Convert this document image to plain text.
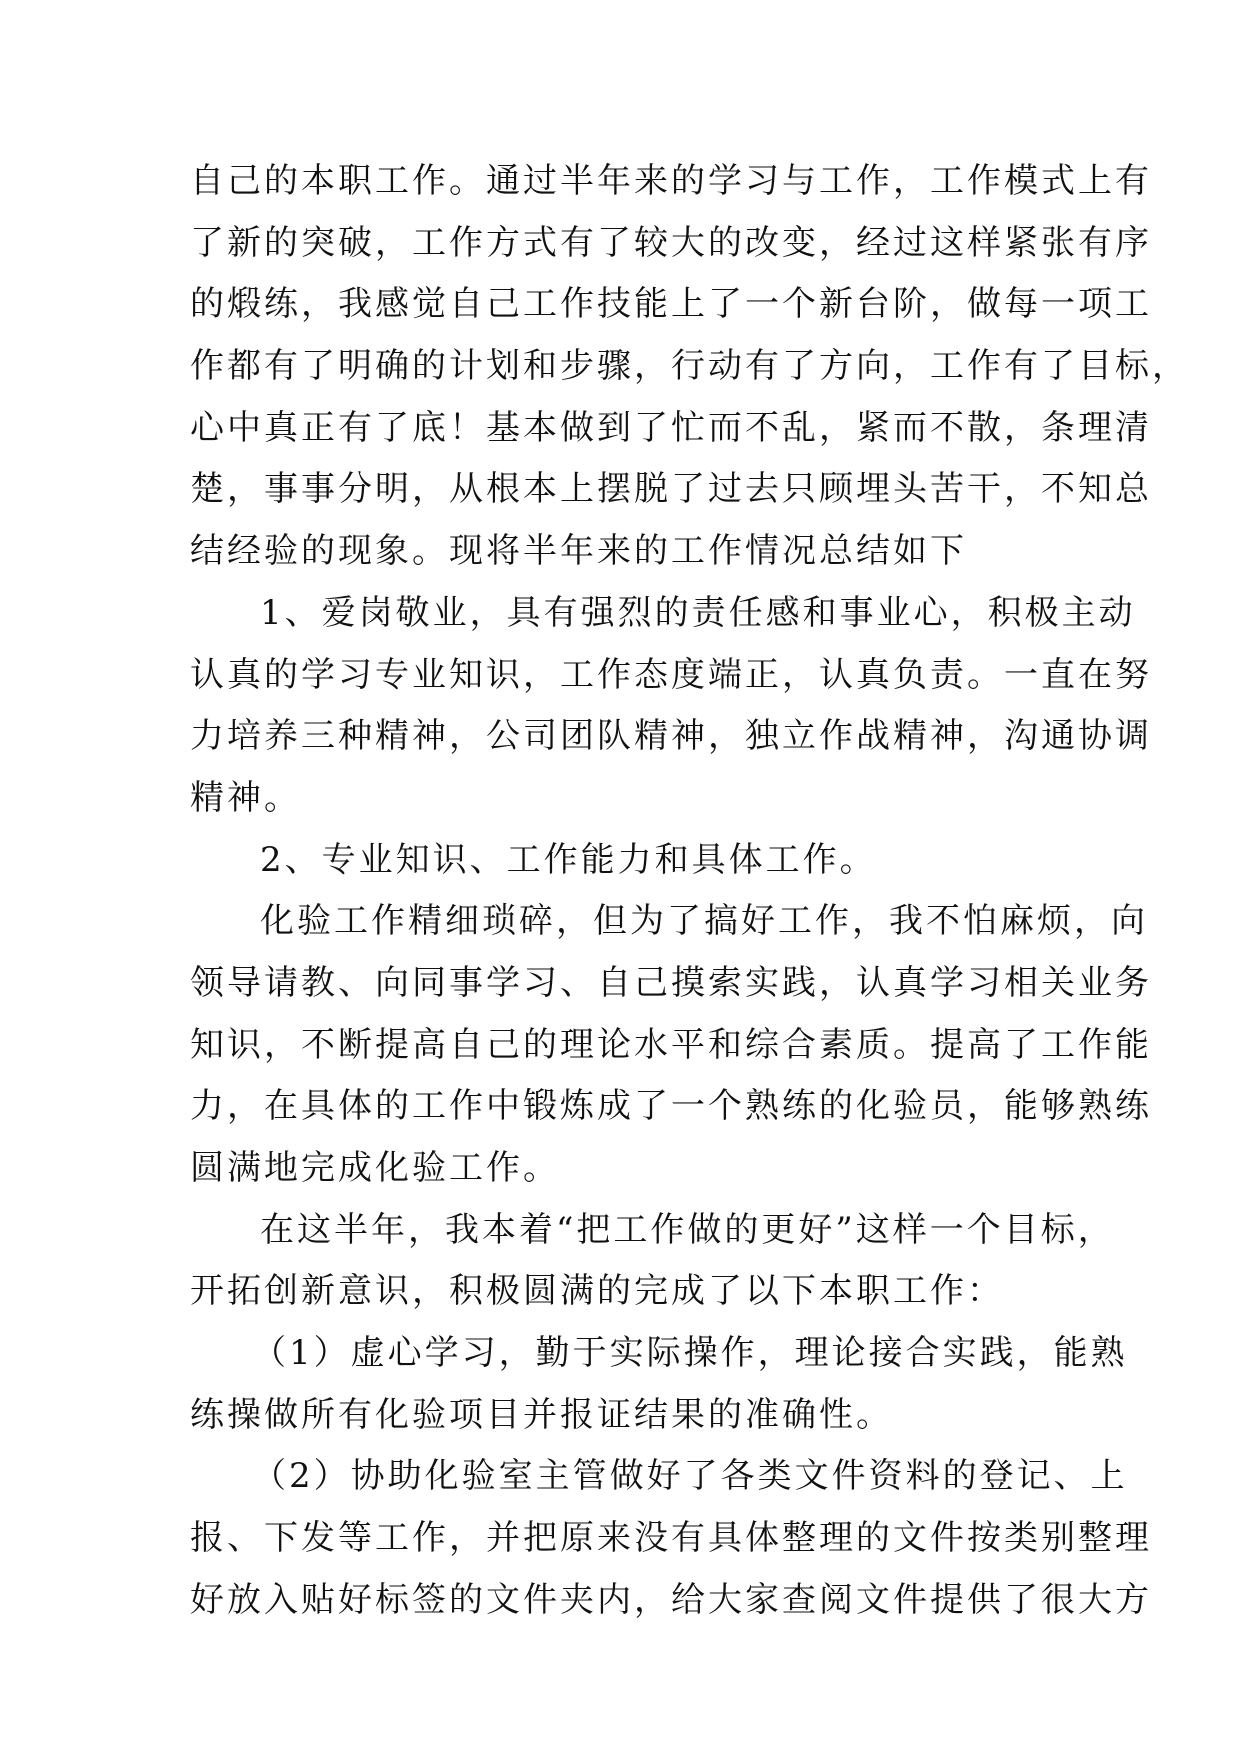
自己的本职工作。通过半年来的学习与工作，工作模式上有
了新的突破，工作方式有了较大的改变，经过这样紧张有序
的煅练，我感觉自己工作技能上了一个新台阶，做每一项工
作都有了明确的计划和步骤，行动有了方向，工作有了目标，
心中真正有了底！基本做到了忙而不乱，紧而不散，条理清
楚，事事分明，从根本上摆脱了过去只顾埋头苦干，不知总
结经验的现象。现将半年来的工作情况总结如下
1、爱岗敬业，具有强烈的责任感和事业心，积极主动
认真的学习专业知识，工作态度端正，认真负责。一直在努
力培养三种精神，公司团队精神，独立作战精神，沟通协调
精神。
2、专业知识、工作能力和具体工作。
化验工作精细琐碎，但为了搞好工作，我不怕麻烦，向
领导请教、向同事学习、自己摸索实践，认真学习相关业务
知识，不断提高自己的理论水平和综合素质。提高了工作能
力，在具体的工作中锻炼成了一个熟练的化验员，能够熟练
圆满地完成化验工作。
在这半年，我本着“把工作做的更好”这样一个目标，
开拓创新意识，积极圆满的完成了以下本职工作：
（1）虚心学习，勤于实际操作，理论接合实践，能熟
练操做所有化验项目并报证结果的准确性。
（2）协助化验室主管做好了各类文件资料的登记、上
报、下发等工作，并把原来没有具体整理的文件按类别整理
好放入贴好标签的文件夹内，给大家查阅文件提供了很大方
